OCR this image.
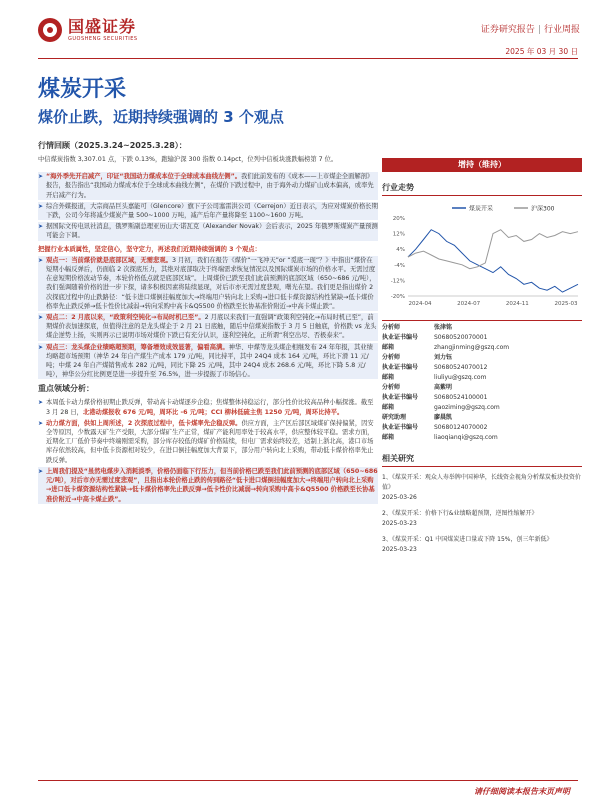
国盛证券
GUOSHENG SECURITIES
证券研究报告 | 行业周报
2025 年 03 月 30 日
煤炭开采
煤价止跌，近期持续强调的 3 个观点
行情回顾（2025.3.24~2025.3.28）：
中信煤炭指数 3,307.01 点，下跌 0.13%，跑输沪深 300 指数 0.14pct，位列中信板块涨跌幅榜第 7 位。
➤ “海外季先开启减产，印证“我国动力煤成本位于全球成本曲线左侧”。我们此前发布的《成本——上市煤企全面解剖》报告，报告指出“我国动力煤成本位于全球成本曲线左侧”，在煤价下跌过程中，由于海外动力煤矿山成本偏高，或率先开启减产行为。
➤ 综合外媒报道，大宗商品巨头嘉能可（Glencore）旗下子公司塞雷洪公司（Cerrejon）近日表示，为应对煤炭价格长期下跌，公司今年将减少煤炭产量 500~1000 万吨，减产后年产量将降至 1100~1600 万吨。
➤ 据国际文传电讯社消息，俄罗斯副总理亚历山大·诺瓦克（Alexander Novak）会后表示，2025 年俄罗斯煤炭产量预测可能会下调。
把握行业本质属性，坚定信心，坚守定力，再述我们近期持续强调的 3 个观点：
➤ 观点一：当前煤价就是底部区域，无需悲观。3 月初，我们在报告《煤价“一飞冲天”or “觅底一现”？》中指出“煤价在短期小幅反弹后，仍面临 2 次探底压力，其绝对底部取决于终端需求恢复情况以及国际煤炭市场的价格水平。无需过度在意短期价格波动节奏，本轮价格低点就是底部区域”。上周煤价已跌至我们此前预测的底部区域（650~686 元/吨），我们强调随着价格的进一步下探，诸多积极因素将陆续显现，对后市亦无需过度悲观，曙光在望。我们更是指出煤价 2 次探底过程中的止跌路径：“低卡进口煤倒挂幅度加大→终端用户转向北上采购→进口低卡煤资源结构性紧缺→低卡煤价格率先止跌反弹→低卡性价比减弱→转向采购中高卡&Q5500 价格跌至长协基准价附近→中高卡煤止跌”。
➤ 观点二：2 月底以来，“政策利空钝化→布局时机已至”。2 月底以来我们一直强调“政策利空钝化→布局时机已至”，前期煤价表加速探底，但值得注意的是龙头煤企于 2 月 21 日底触，随后中信煤炭指数于 3 月 5 日触底，价格跌 vs 龙头煤企逆势上扬，实则再示已说明市场对煤价下跌已有充分认识，遂利空钝化，正所谓“利空出尽、否极泰来”。
➤ 观点三：龙头煤企业绩略超预期，筹备增效成效显著，偏看高满。神华、中煤等龙头煤企相继发布 24 年年报，其业绩均略超市场预期（神华 24 年自产煤生产成本 179 元/吨，同比持平，其中 24Q4 成本 164 元/吨，环比下滑 11 元/吨；中煤 24 年自产煤销售成本 282 元/吨，同比下降 25 元/吨，其中 24Q4 成本 268.6 元/吨，环比下降 5.8 元/吨），神华公分红比例更是进一步提升至 76.5%，进一步提振了市场信心。
重点领域分析：
➤ 本周低卡动力煤价格初期止跌反弹，带动高卡动煤逐步企稳；焦煤整体持稳运行，部分性价比较高品种小幅探涨。截至 3 月 28 日，北港动煤报收 676 元/吨，周环比 -6 元/吨；CCI 柳林低硫主焦 1250 元/吨，周环比持平。
➤ 动力煤方面，供如上周所述，2 次探底过程中，低卡煤率先企稳反弹。供应方面，主产区后部区域煤矿保持偏紧，因安全等原因，少数露天矿生产受限，大部分煤矿生产正常，煤矿产能利用率处于较高水平，供应整体较平稳。需求方面，近期化工厂低价节奏中终端刚需采购，部分库存较低的煤矿价格陆续，但电厂需求始终较差，适制上浙北高，港口市场库存依然较高，但中低卡资源相对较少，在进口倒挂幅度加大背景下，部分用户转向北上采购，带动低卡煤价格率先止跌反弹。
➤ 上周我们提及“虽然电煤步入消耗淡季，价格仍面临下行压力，但当前价格已跌至我们此前预测的底部区域（650~686 元/吨），对后市亦无需过度悲观”，且指出本轮价格止跌的传到路径“低卡进口煤倒挂幅度加大→终端用户转向北上采购→进口低卡煤资源结构性紧缺→低卡煤价格率先止跌反弹→低卡性价比减弱→转向采购中高卡&Q5500 价格跌至长协基准价附近→中高卡煤止跌”。
增持（维持）
行业走势
煤炭开采	沪深300
20%
12%
4%
-4%
-12%
-20%
2024-04	2024-07	2024-11	2025-03
分析师	张津铭
执业证书编号	S0680520070001
邮箱	zhangjinming@gszq.com
分析师	刘力钰
执业证书编号	S0680524070012
邮箱	liuliyu@gszq.com
分析师	高紫明
执业证书编号	S0680524100001
邮箱	gaoziming@gszq.com
研究助理	廖晨凯
执业证书编号	S0680124070002
邮箱	liaoqianqi@gszq.com
相关研究
1、《煤炭开采：观众人寿举牌中国神华，长线资金视角分析煤炭板块投资价值》
2025-03-26
2、《煤炭开采：价格下行&业绩略超预期，逆图性缩解开》
2025-03-23
3、《煤炭开采：Q1 中国煤炭进口量或下降 15%，创三年新低》
2025-03-23
请仔细阅读本报告末页声明
